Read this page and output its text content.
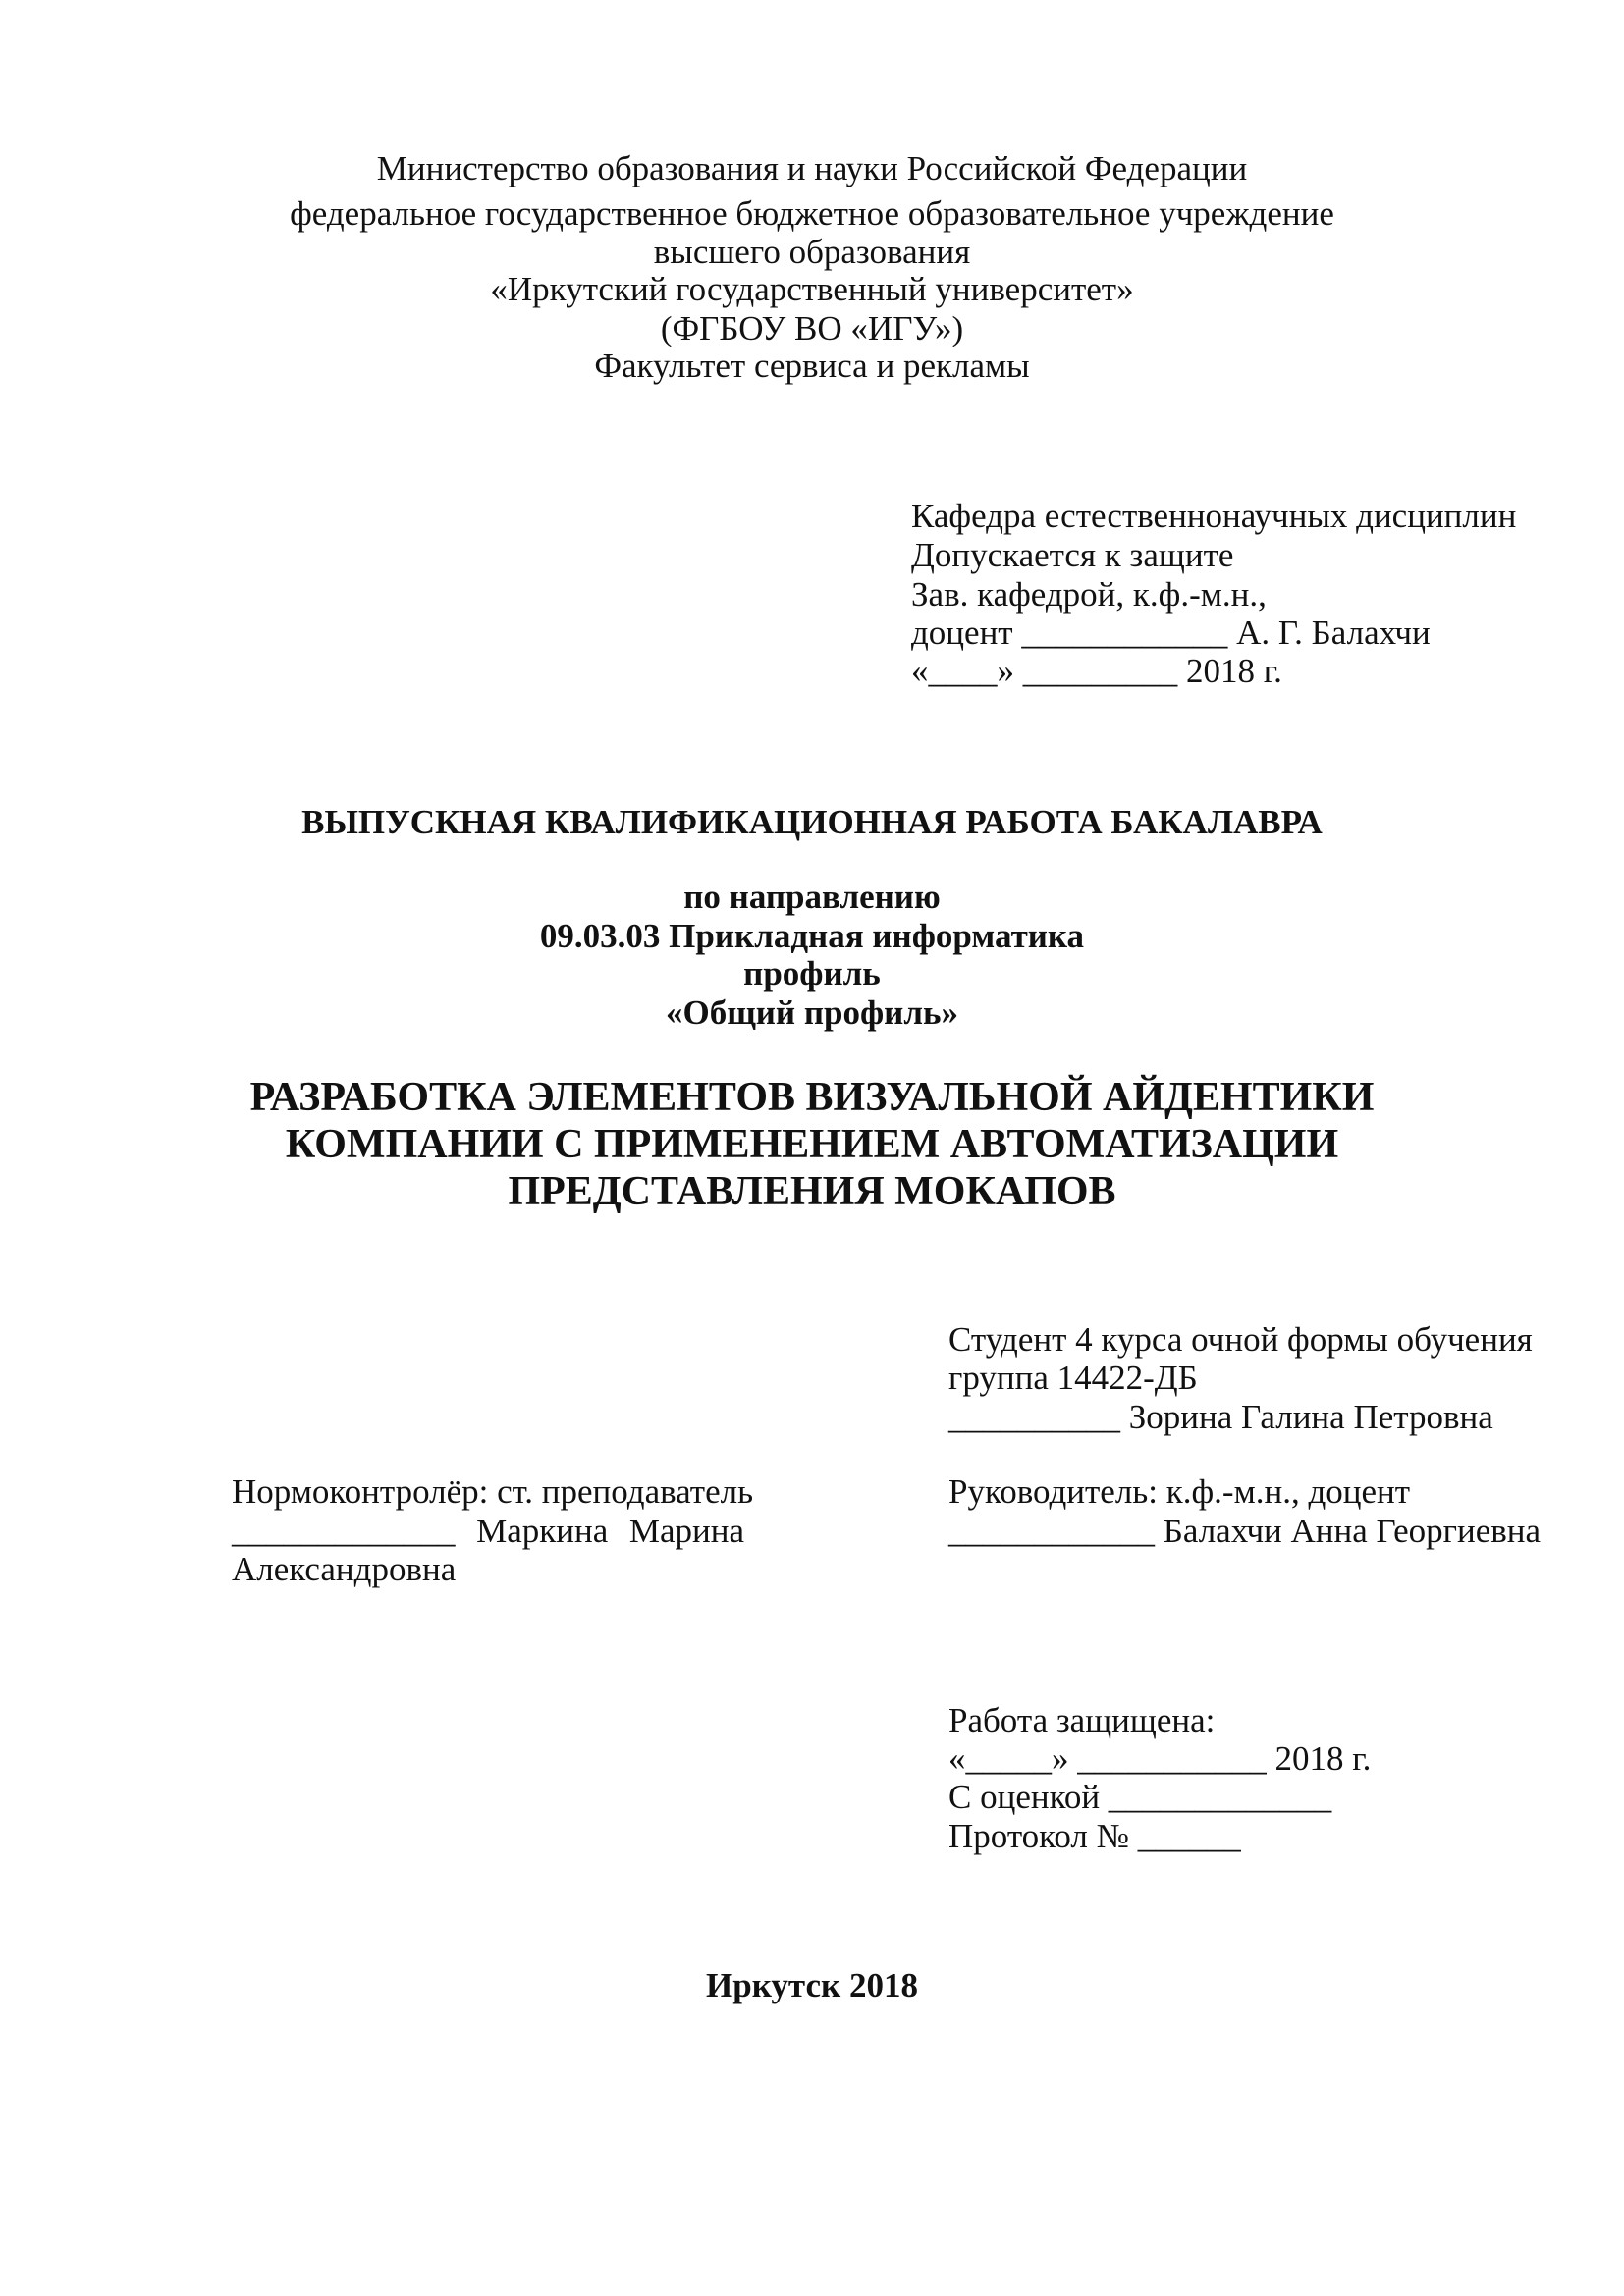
Министерство образования и науки Российской Федерации
федеральное государственное бюджетное образовательное учреждение
высшего образования
«Иркутский государственный университет»
(ФГБОУ ВО «ИГУ»)
Факультет сервиса и рекламы
Кафедра естественнонаучных дисциплин
Допускается к защите
Зав. кафедрой, к.ф.-м.н.,
доцент ____________ А. Г. Балахчи
«____» _________ 2018 г.
ВЫПУСКНАЯ КВАЛИФИКАЦИОННАЯ РАБОТА БАКАЛАВРА
по направлению
09.03.03 Прикладная информатика
профиль
«Общий профиль»
РАЗРАБОТКА ЭЛЕМЕНТОВ ВИЗУАЛЬНОЙ АЙДЕНТИКИ
КОМПАНИИ С ПРИМЕНЕНИЕМ АВТОМАТИЗАЦИИ
ПРЕДСТАВЛЕНИЯ МОКАПОВ
Студент 4 курса очной формы обучения
группа 14422-ДБ
__________ Зорина Галина Петровна
Нормоконтролёр: ст. преподаватель
_____________ Маркина Марина
Александровна
Руководитель: к.ф.-м.н., доцент
____________ Балахчи Анна Георгиевна
Работа защищена:
«_____» ___________ 2018 г.
С оценкой _____________
Протокол № ______
Иркутск 2018
